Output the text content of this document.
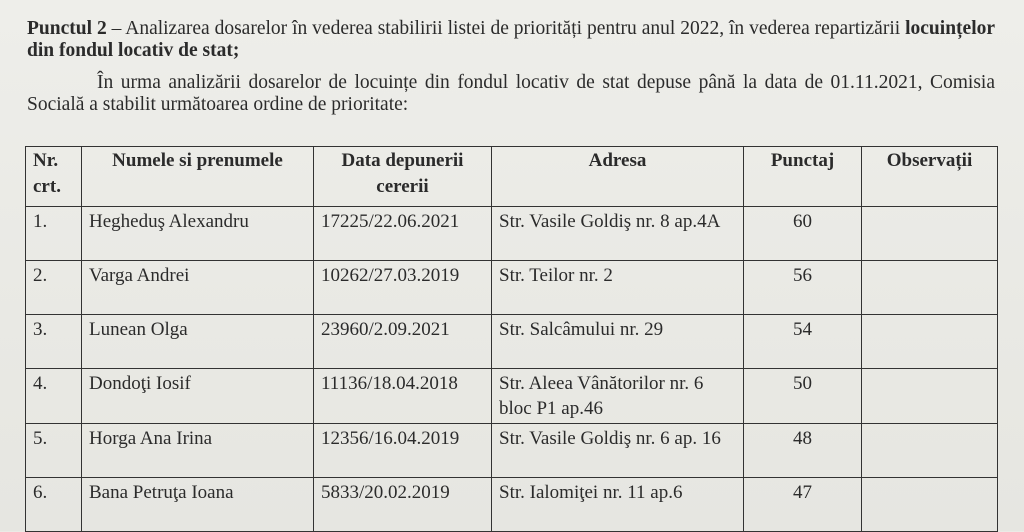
Punctul 2 – Analizarea dosarelor în vederea stabilirii listei de priorități pentru anul 2022, în vederea repartizării locuințelor din fondul locativ de stat;
În urma analizării dosarelor de locuințe din fondul locativ de stat depuse până la data de 01.11.2021, Comisia Socială a stabilit următoarea ordine de prioritate:
Nr. crt.	Numele si prenumele	Data depunerii cererii	Adresa	Punctaj	Observații
1.	Hegheduş Alexandru	17225/22.06.2021	Str. Vasile Goldiş nr. 8 ap.4A	60	
2.	Varga Andrei	10262/27.03.2019	Str. Teilor nr. 2	56	
3.	Lunean Olga	23960/2.09.2021	Str. Salcâmului nr. 29	54	
4.	Dondoţi Iosif	11136/18.04.2018	Str. Aleea Vânătorilor nr. 6 bloc P1 ap.46	50	
5.	Horga Ana Irina	12356/16.04.2019	Str. Vasile Goldiş nr. 6 ap. 16	48	
6.	Bana Petruţa Ioana	5833/20.02.2019	Str. Ialomiţei nr. 11 ap.6	47	
